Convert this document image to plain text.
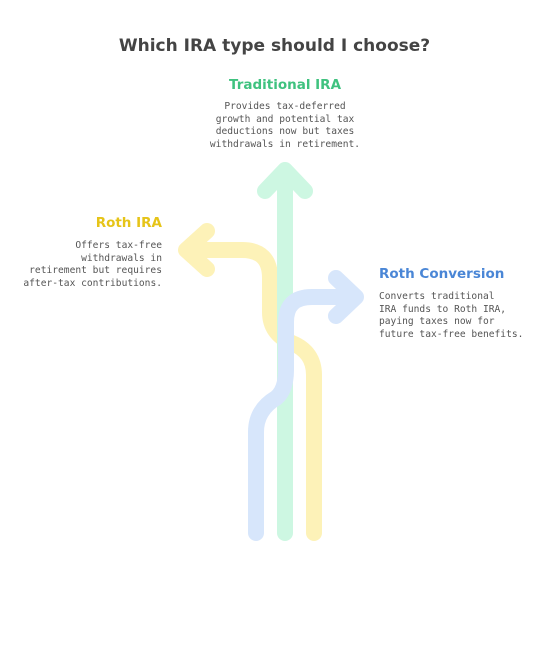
Which IRA type should I choose?
Traditional IRA
Provides tax-deferred
growth and potential tax
deductions now but taxes
withdrawals in retirement.
Roth IRA
Offers tax-free
withdrawals in
retirement but requires
after-tax contributions.
Roth Conversion
Converts traditional
IRA funds to Roth IRA,
paying taxes now for
future tax-free benefits.
